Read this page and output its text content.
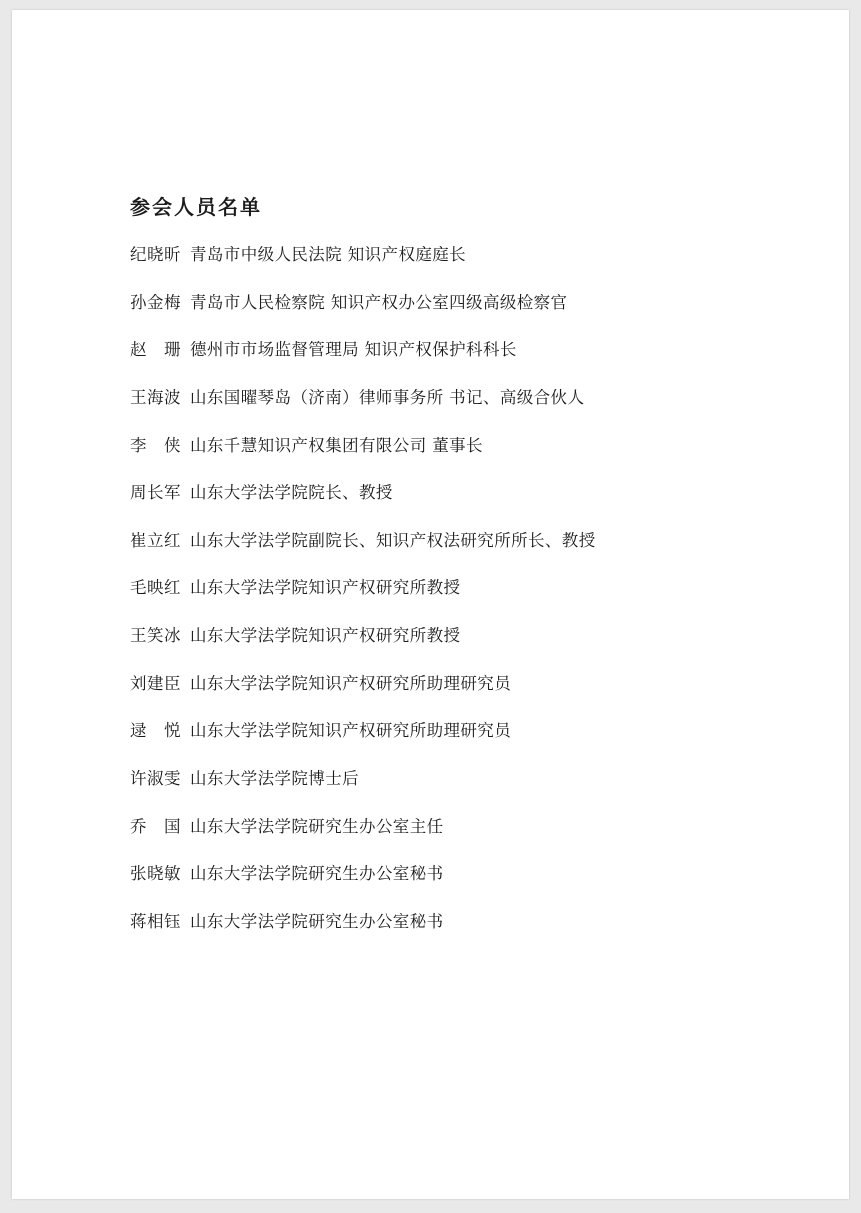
参会人员名单
纪晓昕 青岛市中级人民法院 知识产权庭庭长
孙金梅 青岛市人民检察院 知识产权办公室四级高级检察官
赵　珊 德州市市场监督管理局 知识产权保护科科长
王海波 山东国曜琴岛（济南）律师事务所 书记、高级合伙人
李　侠 山东千慧知识产权集团有限公司 董事长
周长军 山东大学法学院院长、教授
崔立红 山东大学法学院副院长、知识产权法研究所所长、教授
毛映红 山东大学法学院知识产权研究所教授
王笑冰 山东大学法学院知识产权研究所教授
刘建臣 山东大学法学院知识产权研究所助理研究员
逯　悦 山东大学法学院知识产权研究所助理研究员
许淑雯 山东大学法学院博士后
乔　国 山东大学法学院研究生办公室主任
张晓敏 山东大学法学院研究生办公室秘书
蒋相钰 山东大学法学院研究生办公室秘书
